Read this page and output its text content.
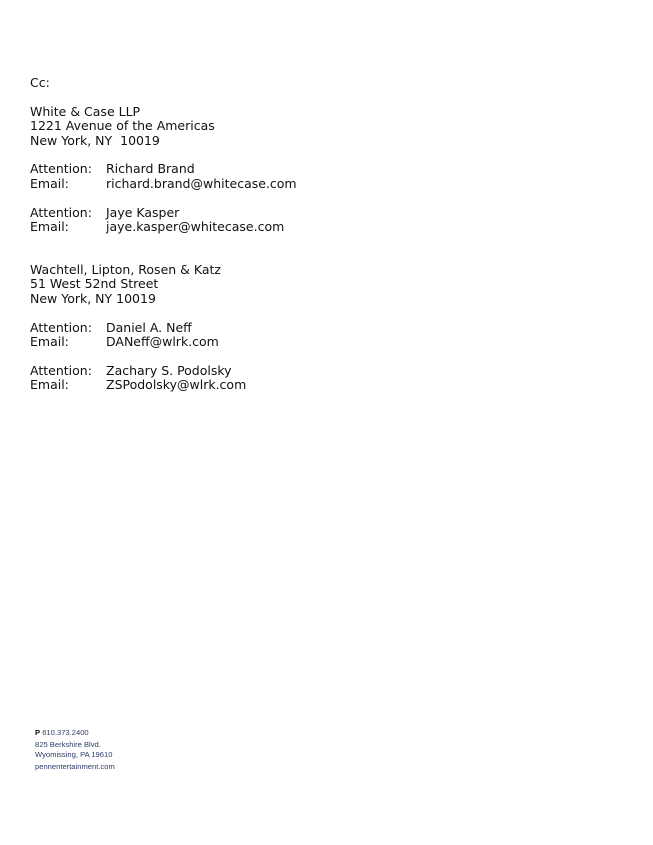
Cc:
White & Case LLP
1221 Avenue of the Americas
New York, NY  10019
Attention:	Richard Brand
Email:	richard.brand@whitecase.com
Attention:	Jaye Kasper
Email:	jaye.kasper@whitecase.com
Wachtell, Lipton, Rosen & Katz
51 West 52nd Street
New York, NY 10019
Attention:	Daniel A. Neff
Email:	DANeff@wlrk.com
Attention:	Zachary S. Podolsky
Email:	ZSPodolsky@wlrk.com
P 610.373.2400
825 Berkshire Blvd.
Wyomissing, PA 19610
pennentertainment.com
